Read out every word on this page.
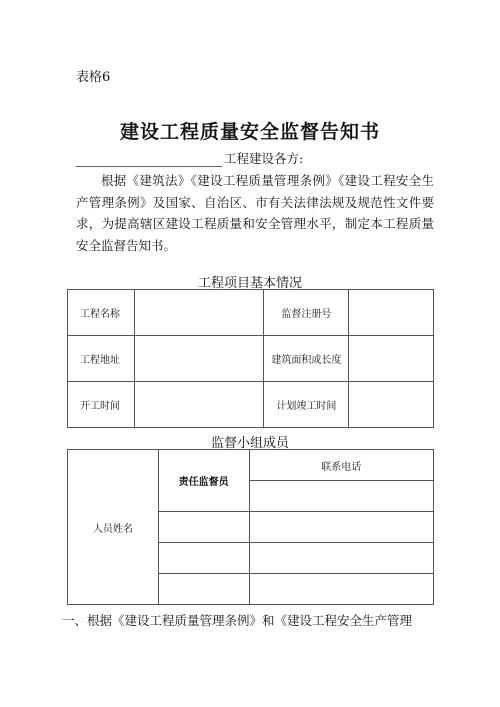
表格6
建设工程质量安全监督告知书
工程建设各方:
根据《建筑法》《建设工程质量管理条例》《建设工程安全生产管理条例》及国家、自治区、市有关法律法规及规范性文件要求，为提高辖区建设工程质量和安全管理水平，制定本工程质量安全监督告知书。
工程项目基本情况
工程名称		监督注册号	
工程地址		建筑面积或长度	
开工时间		计划竣工时间	
监督小组成员
人员姓名	责任监督员	联系电话

一、根据《建设工程质量管理条例》和《建设工程安全生产管理
